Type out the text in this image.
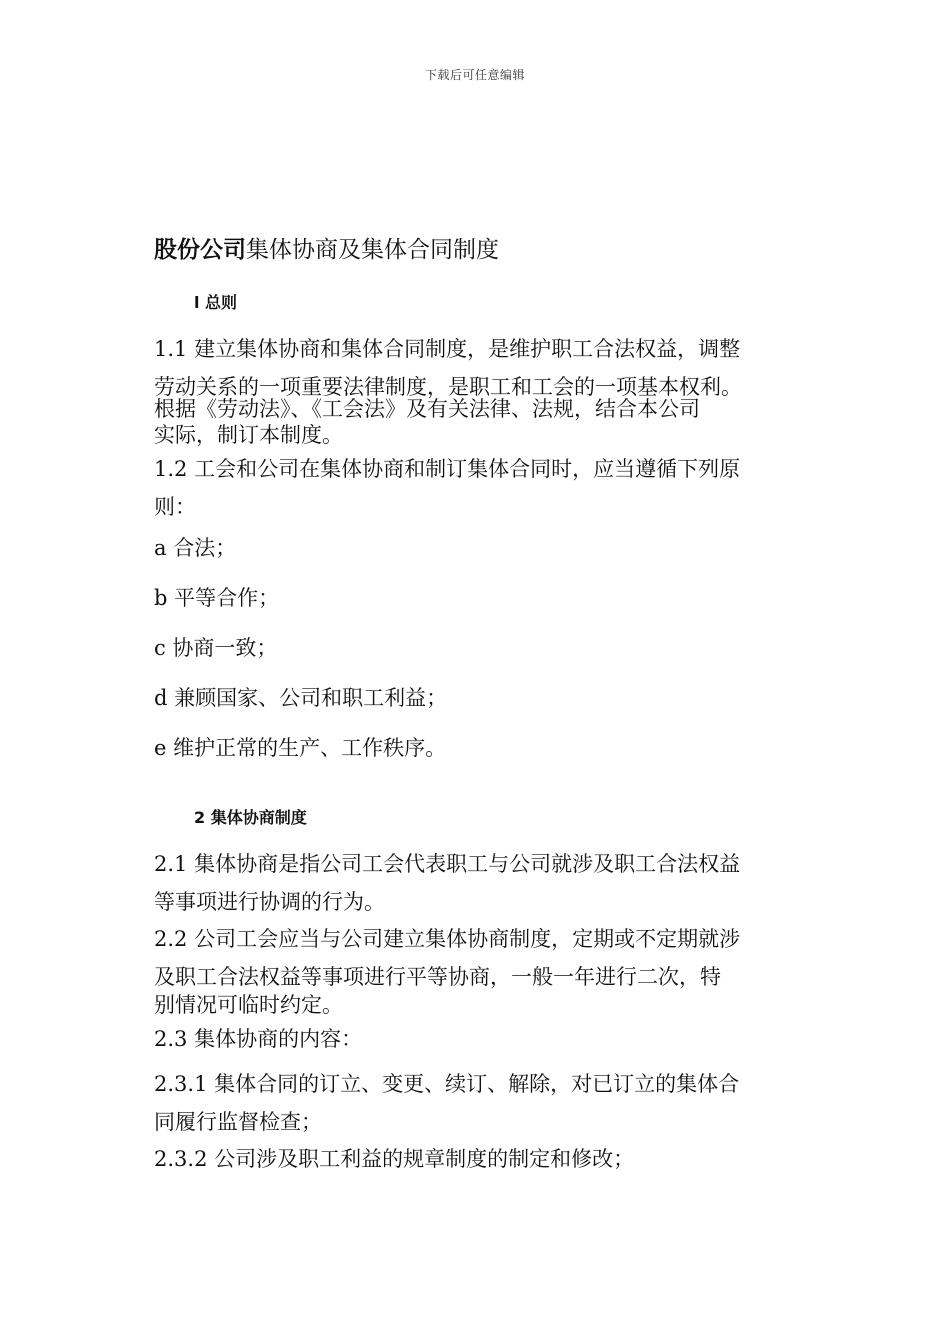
下载后可任意编辑
股份公司集体协商及集体合同制度
l 总则
1.1 建立集体协商和集体合同制度，是维护职工合法权益，调整
劳动关系的一项重要法律制度，是职工和工会的一项基本权利。
根据《劳动法》、《工会法》及有关法律、法规，结合本公司
实际，制订本制度。
1.2 工会和公司在集体协商和制订集体合同时，应当遵循下列原
则：
a 合法；
b 平等合作；
c 协商一致；
d 兼顾国家、公司和职工利益；
e 维护正常的生产、工作秩序。
2 集体协商制度
2.1 集体协商是指公司工会代表职工与公司就涉及职工合法权益
等事项进行协调的行为。
2.2 公司工会应当与公司建立集体协商制度，定期或不定期就涉
及职工合法权益等事项进行平等协商，一般一年进行二次，特
别情况可临时约定。
2.3 集体协商的内容：
2.3.1 集体合同的订立、变更、续订、解除，对已订立的集体合
同履行监督检查；
2.3.2 公司涉及职工利益的规章制度的制定和修改；
